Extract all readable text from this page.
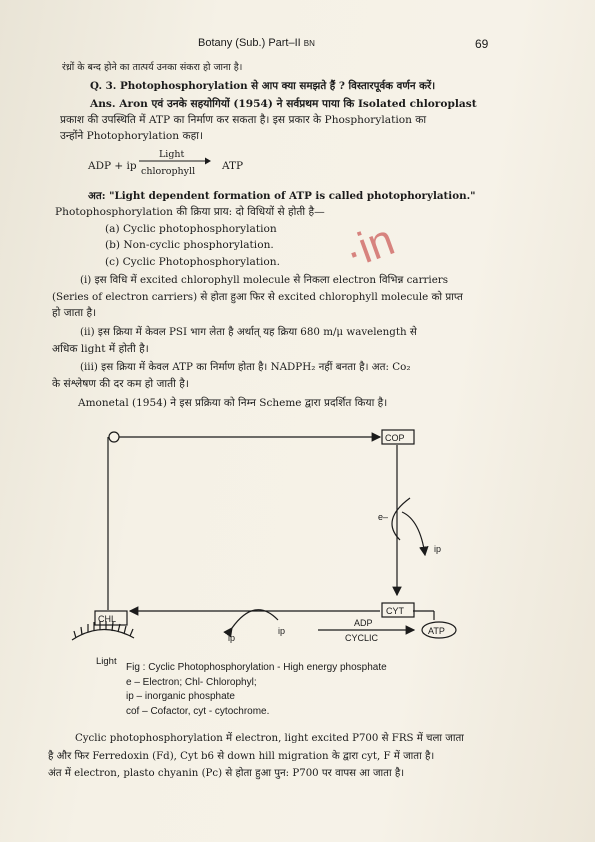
Botany (Sub.) Part–II BN	69
·in
रंध्रों के बन्द होने का तात्पर्य उनका संकरा हो जाना है।
Q. 3. Photophosphorylation से आप क्या समझते हैं ? विस्तारपूर्वक वर्णन करें।
Ans. Aron एवं उनके सहयोगियों (1954) ने सर्वप्रथम पाया कि Isolated chloroplast
प्रकाश की उपस्थिति में ATP का निर्माण कर सकता है। इस प्रकार के Phosphorylation का
उन्होंने Photophorylation कहा।
ADP + ip
Light
chlorophyll	ATP
अत: "Light dependent formation of ATP is called photophorylation."
Photophosphorylation की क्रिया प्राय: दो विधियों से होती है—
(a) Cyclic photophosphorylation
(b) Non-cyclic phosphorylation.
(c) Cyclic Photophosphorylation.
(i) इस विधि में excited chlorophyll molecule से निकला electron विभिन्न carriers
(Series of electron carriers) से होता हुआ फिर से excited chlorophyll molecule को प्राप्त
हो जाता है।
(ii) इस क्रिया में केवल PSI भाग लेता है अर्थात् यह क्रिया 680 m/μ wavelength से
अधिक light में होती है।
(iii) इस क्रिया में केवल ATP का निर्माण होता है। NADPH₂ नहीं बनता है। अत: Co₂
के संश्लेषण की दर कम हो जाती है।
Amonetal (1954) ने इस प्रक्रिया को निम्न Scheme द्वारा प्रदर्शित किया है।
COP
CYT
CHL
ATP
e–
ip
ip
ip
ADP
CYCLIC
Light
Fig : Cyclic Photophosphorylation - High energy phosphate
e – Electron; Chl- Chlorophyl;
ip – inorganic phosphate
cof – Cofactor, cyt - cytochrome.
Cyclic photophosphorylation में electron, light excited P700 से FRS में चला जाता
है और फिर Ferredoxin (Fd), Cyt b6 से down hill migration के द्वारा cyt, F में जाता है।
अंत में electron, plasto chyanin (Pc) से होता हुआ पुन: P700 पर वापस आ जाता है।
